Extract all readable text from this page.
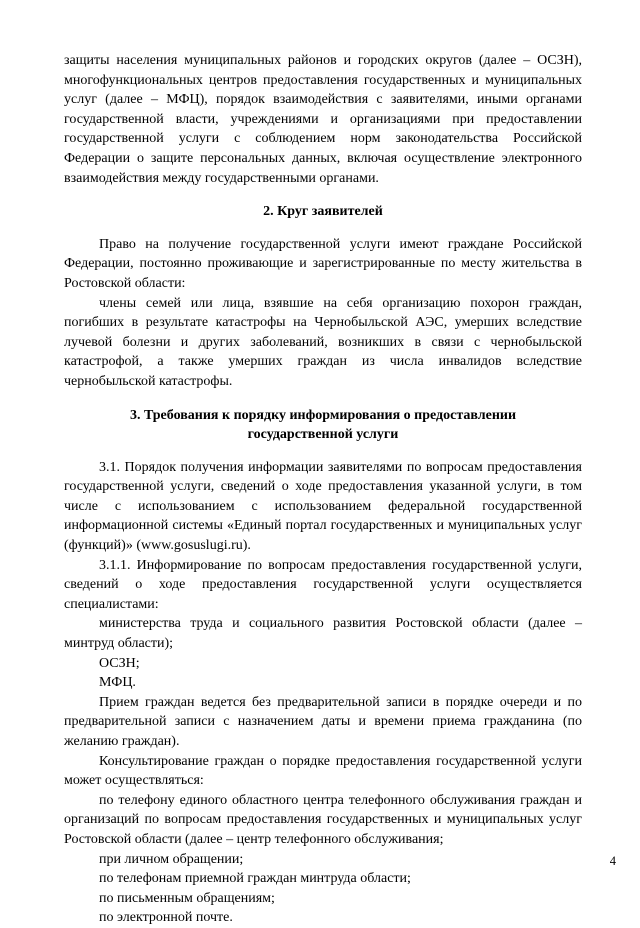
защиты населения муниципальных районов и городских округов (далее – ОСЗН), многофункциональных центров предоставления государственных и муниципальных услуг (далее – МФЦ), порядок взаимодействия с заявителями, иными органами государственной власти, учреждениями и организациями при предоставлении государственной услуги с соблюдением норм законодательства Российской Федерации о защите персональных данных, включая осуществление электронного взаимодействия между государственными органами.

2. Круг заявителей

Право на получение государственной услуги имеют граждане Российской Федерации, постоянно проживающие и зарегистрированные по месту жительства в Ростовской области:

члены семей или лица, взявшие на себя организацию похорон граждан, погибших в результате катастрофы на Чернобыльской АЭС, умерших вследствие лучевой болезни и других заболеваний, возникших в связи с чернобыльской катастрофой, а также умерших граждан из числа инвалидов вследствие чернобыльской катастрофы.

3. Требования к порядку информирования о предоставлении
государственной услуги

3.1. Порядок получения информации заявителями по вопросам предоставления государственной услуги, сведений о ходе предоставления указанной услуги, в том числе с использованием с использованием федеральной государственной информационной системы «Единый портал государственных и муниципальных услуг (функций)» (www.gosuslugi.ru).

3.1.1. Информирование по вопросам предоставления государственной услуги, сведений о ходе предоставления государственной услуги осуществляется специалистами:

министерства труда и социального развития Ростовской области (далее – минтруд области);

ОСЗН;

МФЦ.

Прием граждан ведется без предварительной записи в порядке очереди и по предварительной записи с назначением даты и времени приема гражданина (по желанию граждан).

Консультирование граждан о порядке предоставления государственной услуги может осуществляться:

по телефону единого областного центра телефонного обслуживания граждан и организаций по вопросам предоставления государственных и муниципальных услуг Ростовской области (далее – центр телефонного обслуживания;

при личном обращении;

по телефонам приемной граждан минтруда области;

по письменным обращениям;

по электронной почте.

4
